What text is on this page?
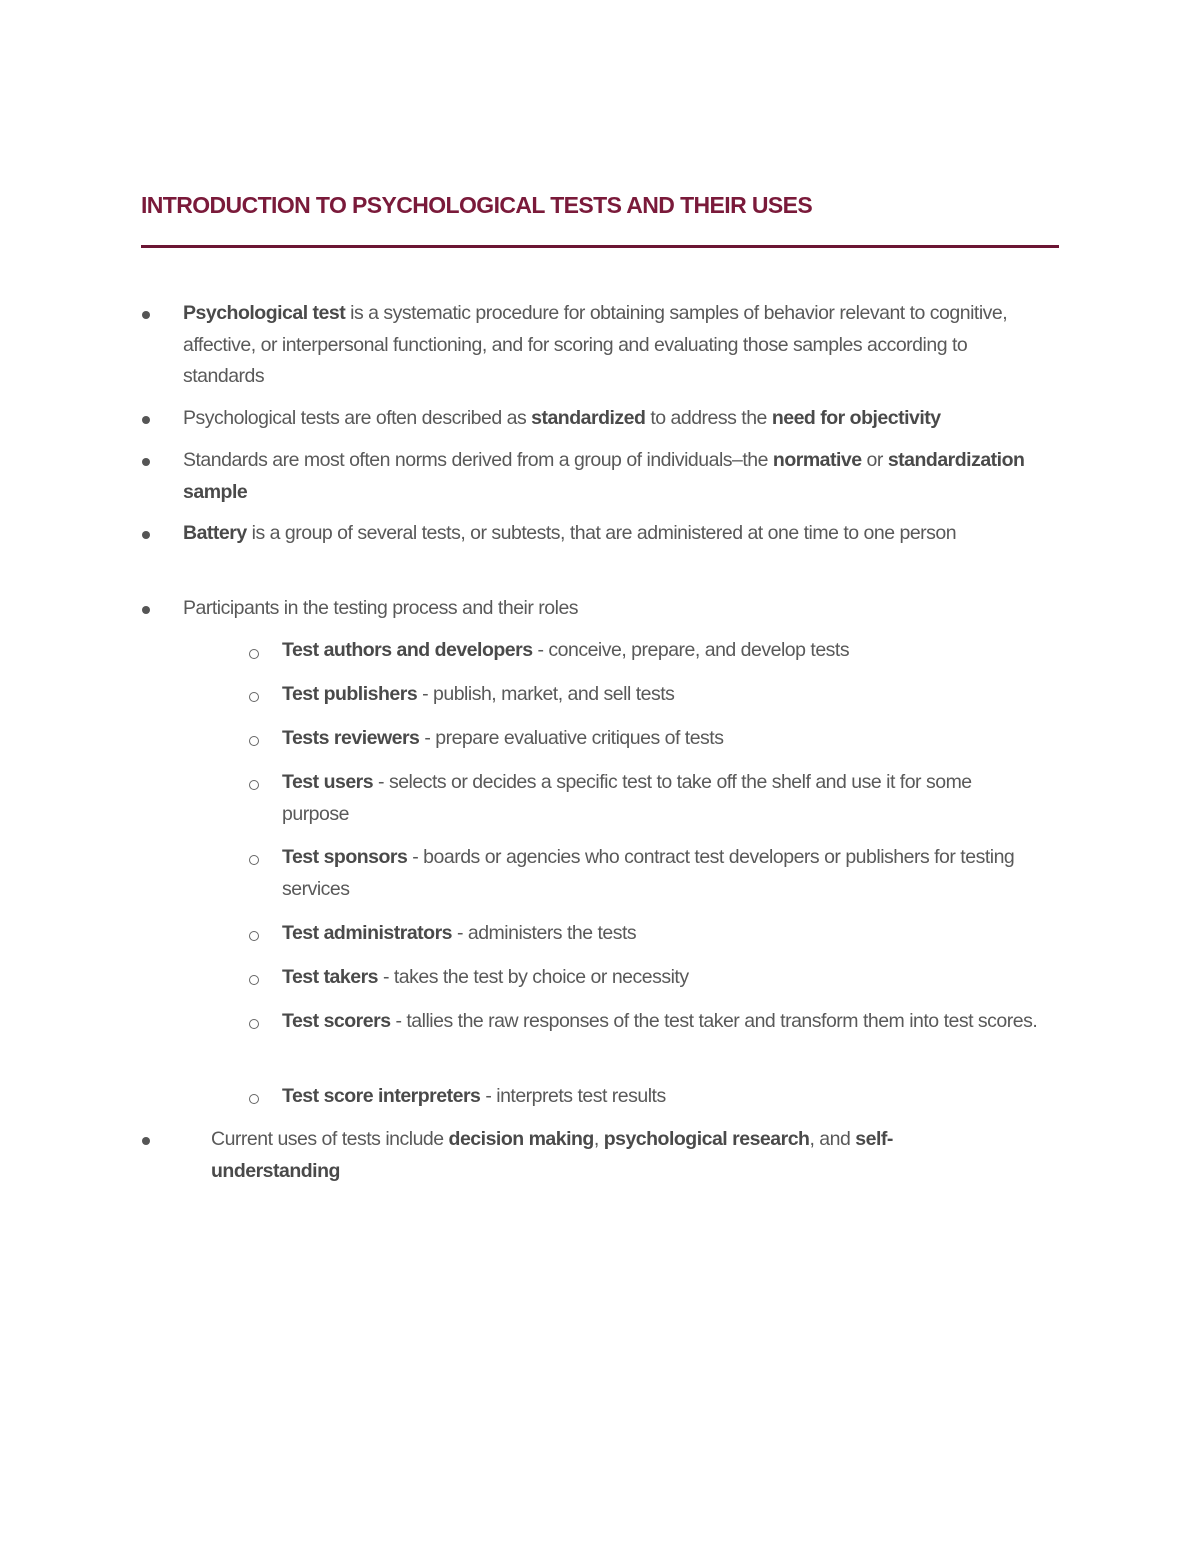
INTRODUCTION TO PSYCHOLOGICAL TESTS AND THEIR USES
Psychological test is a systematic procedure for obtaining samples of behavior relevant to cognitive, affective, or interpersonal functioning, and for scoring and evaluating those samples according to standards
Psychological tests are often described as standardized to address the need for objectivity
Standards are most often norms derived from a group of individuals–the normative or standardization sample
Battery is a group of several tests, or subtests, that are administered at one time to one person
Participants in the testing process and their roles
Test authors and developers - conceive, prepare, and develop tests
Test publishers - publish, market, and sell tests
Tests reviewers - prepare evaluative critiques of tests
Test users - selects or decides a specific test to take off the shelf and use it for some purpose
Test sponsors - boards or agencies who contract test developers or publishers for testing services
Test administrators - administers the tests
Test takers - takes the test by choice or necessity
Test scorers - tallies the raw responses of the test taker and transform them into test scores.
Test score interpreters - interprets test results
Current uses of tests include decision making, psychological research, and self-understanding
